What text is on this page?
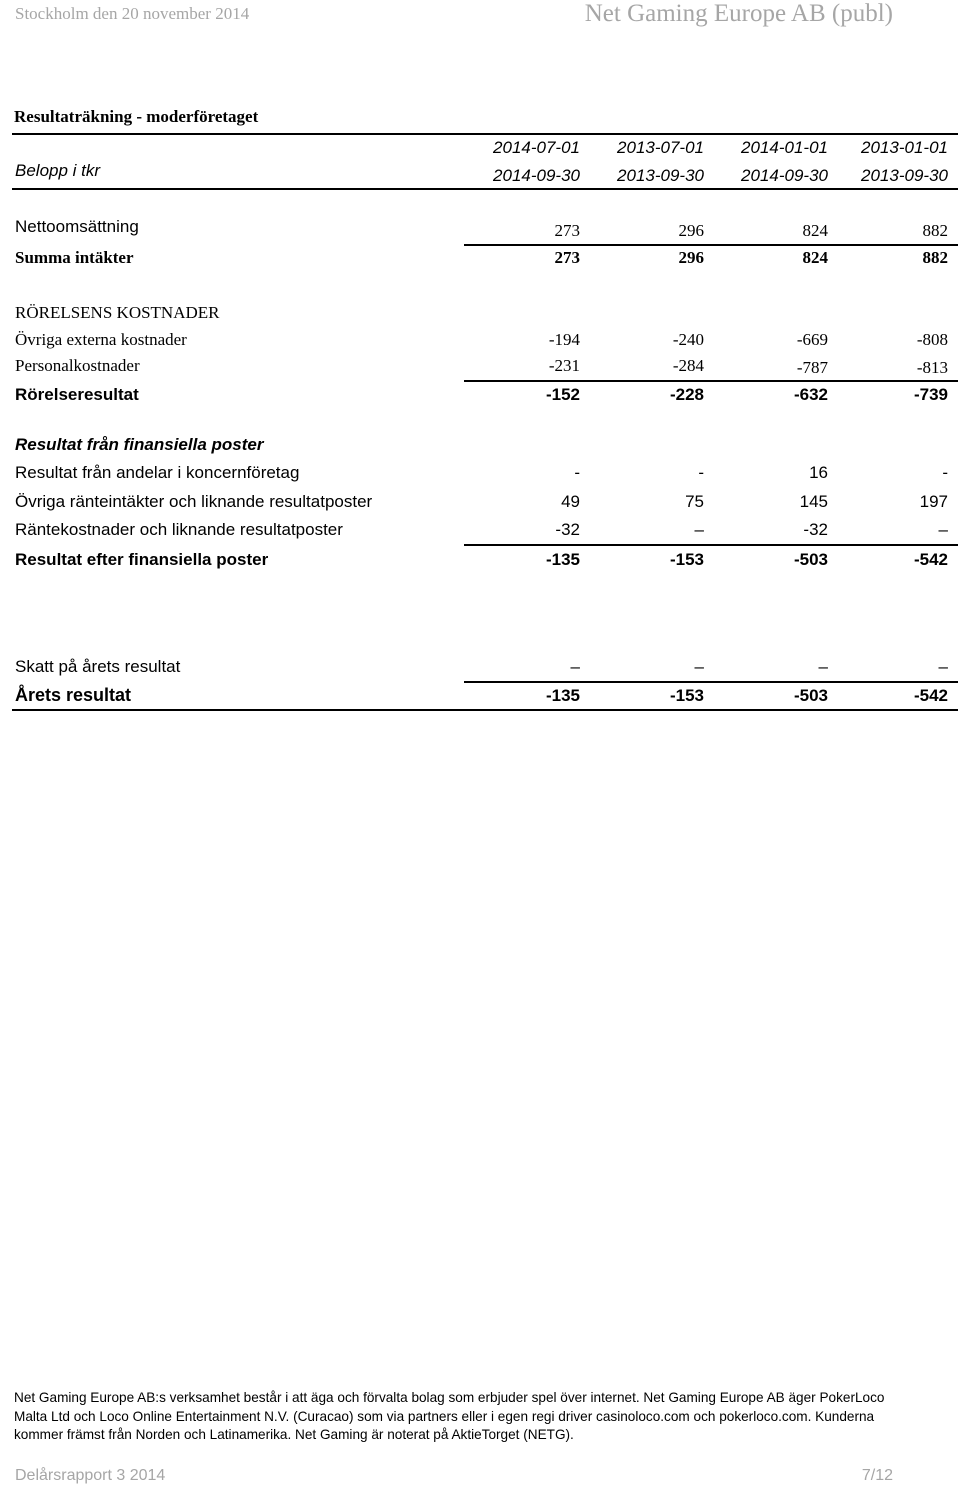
Stockholm den 20 november 2014	Net Gaming Europe AB (publ)
Resultaträkning - moderföretaget
Belopp i tkr
2014-07-01 2013-07-01 2014-01-01 2013-01-01
2014-09-30 2013-09-30 2014-09-30 2013-09-30
Nettoomsättning	273	296	824	882
Summa intäkter	273	296	824	882
RÖRELSENS KOSTNADER
Övriga externa kostnader	-194	-240	-669	-808
Personalkostnader	-231	-284	-787	-813
Rörelseresultat	-152	-228	-632	-739
Resultat från finansiella poster
Resultat från andelar i koncernföretag	-	-	16	-
Övriga ränteintäkter och liknande resultatposter	49	75	145	197
Räntekostnader och liknande resultatposter	-32	–	-32	–
Resultat efter finansiella poster	-135	-153	-503	-542
Skatt på årets resultat	–	–	–	–
Årets resultat	-135	-153	-503	-542
Net Gaming Europe AB:s verksamhet består i att äga och förvalta bolag som erbjuder spel över internet. Net Gaming Europe AB äger PokerLoco Malta Ltd och Loco Online Entertainment N.V. (Curacao) som via partners eller i egen regi driver casinoloco.com och pokerloco.com. Kunderna kommer främst från Norden och Latinamerika. Net Gaming är noterat på AktieTorget (NETG).
Delårsrapport 3 2014	7/12
